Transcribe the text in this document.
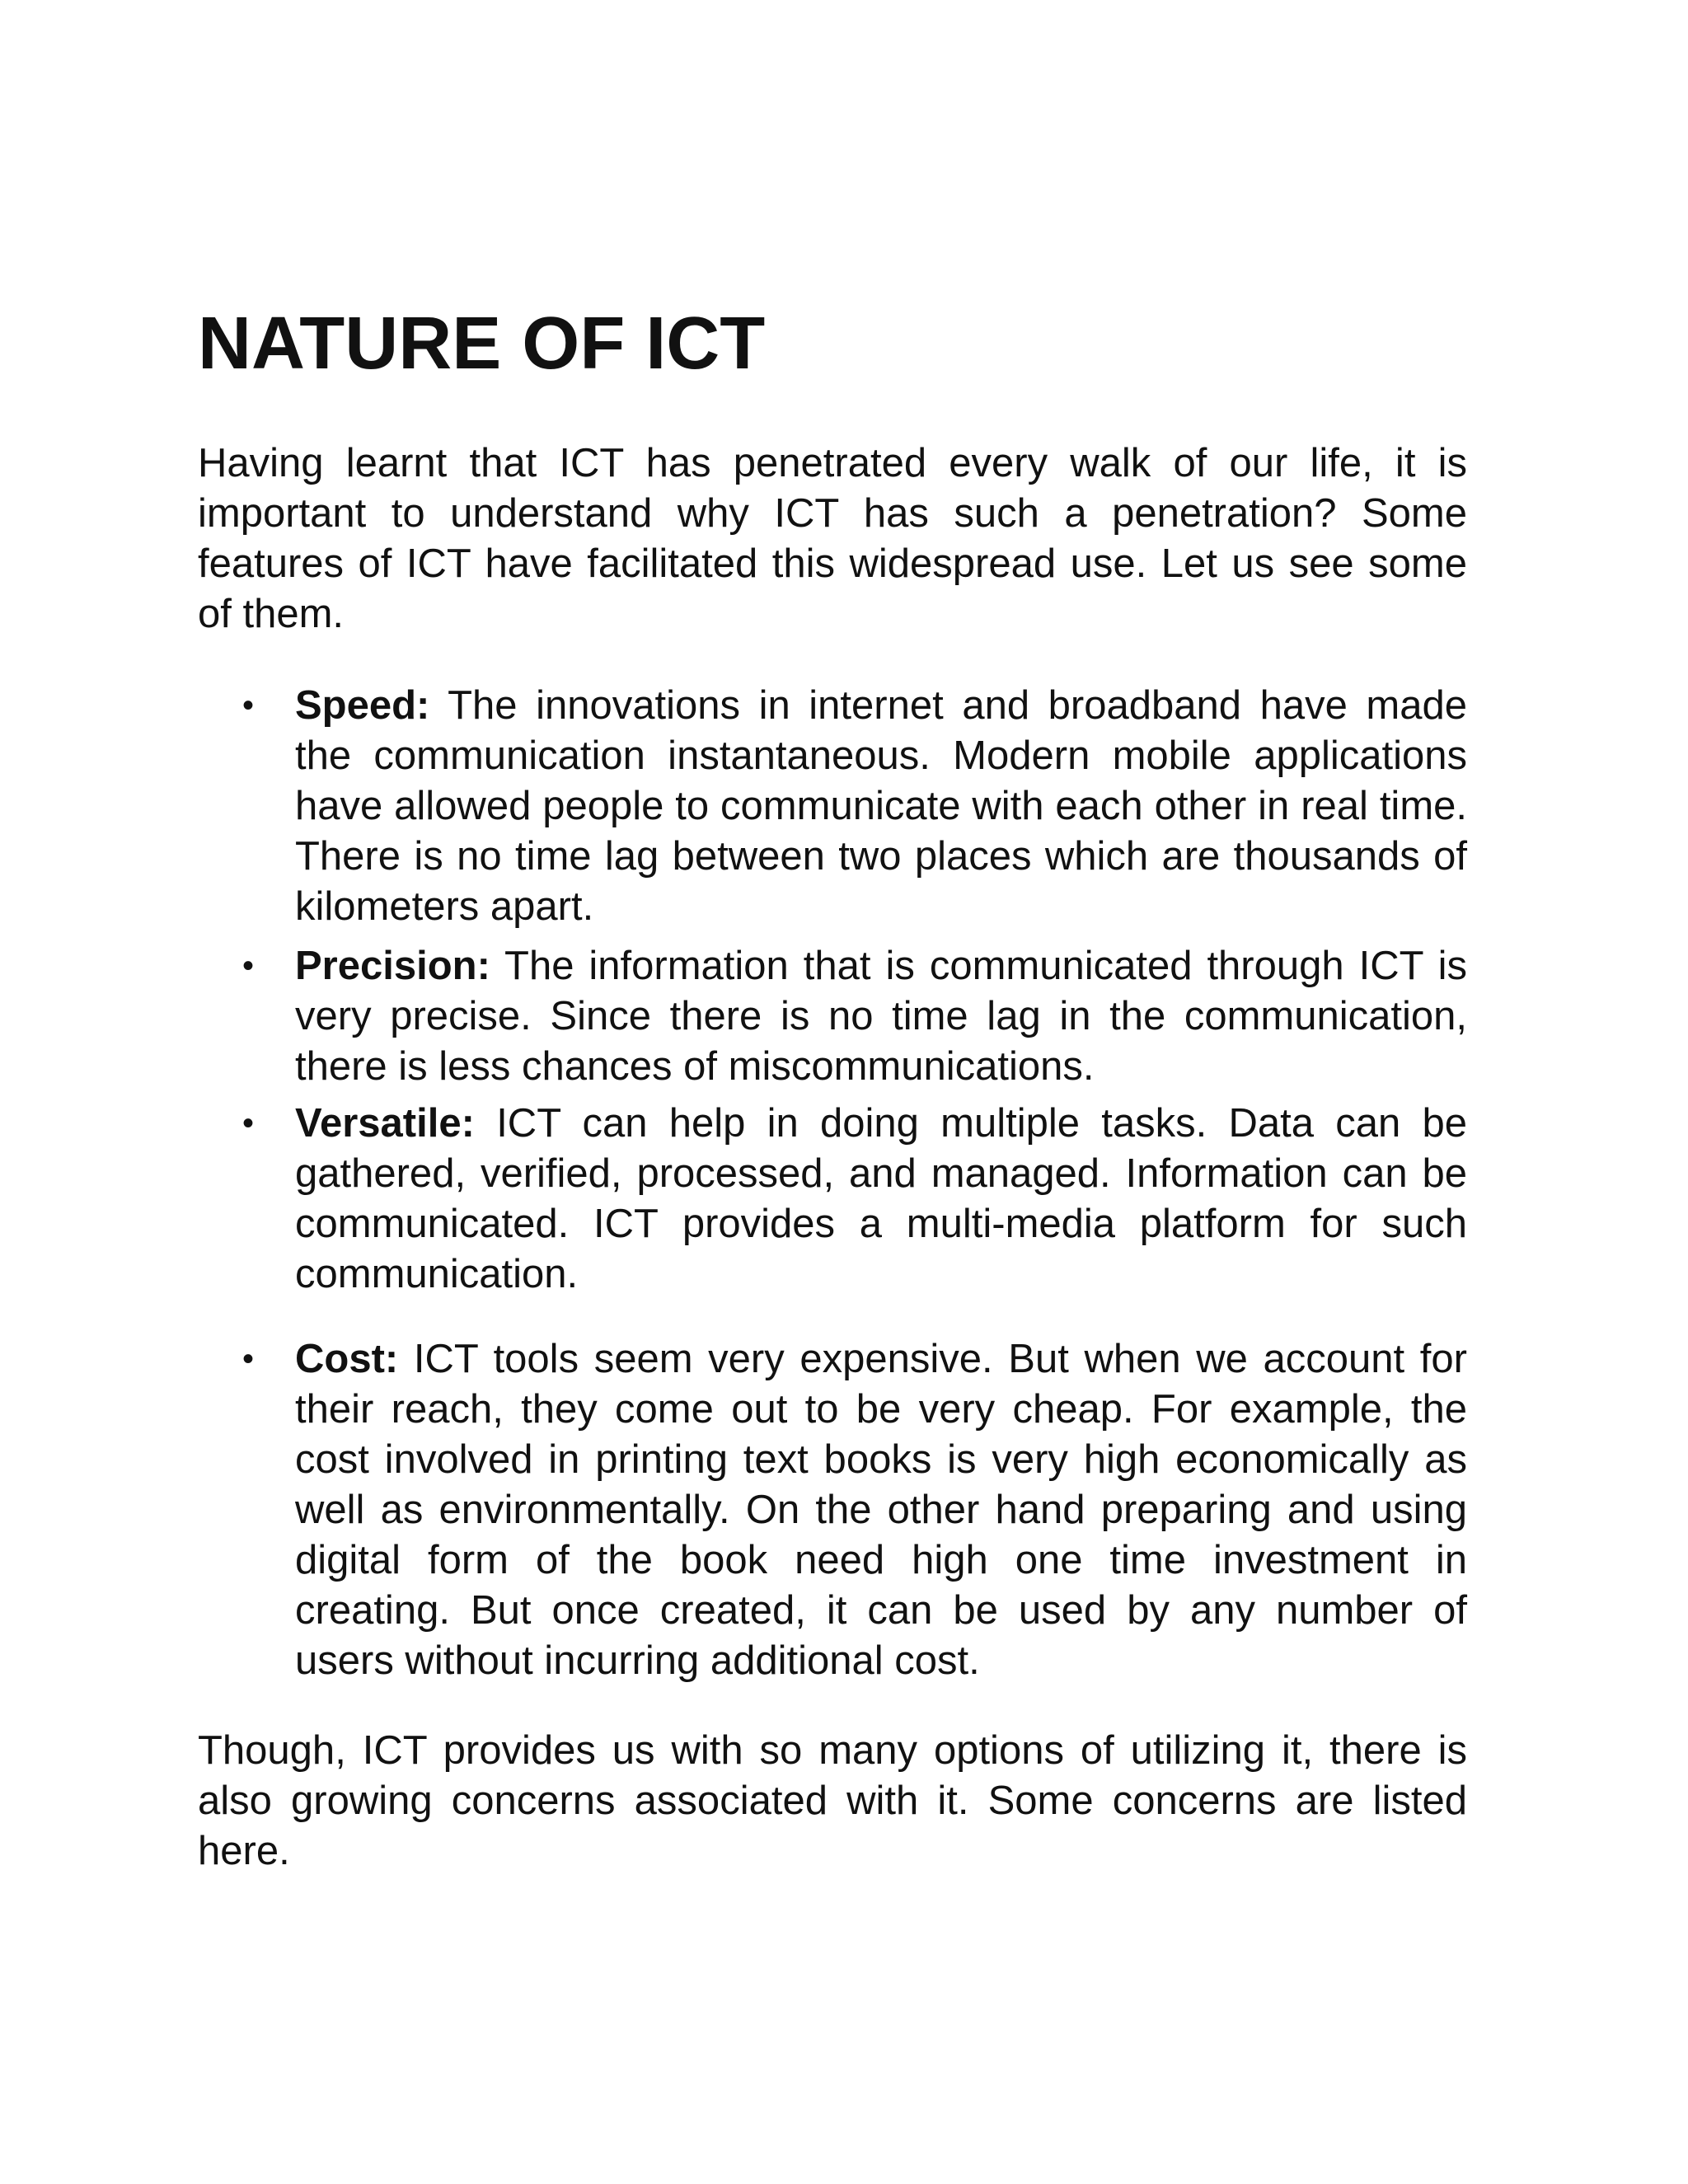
NATURE OF ICT

Having learnt that ICT has penetrated every walk of our life, it is important to understand why ICT has such a penetration? Some features of ICT have facilitated this widespread use. Let us see some of them.

• Speed: The innovations in internet and broadband have made the communication instantaneous. Modern mobile applications have allowed people to communicate with each other in real time. There is no time lag between two places which are thousands of kilometers apart.
• Precision: The information that is communicated through ICT is very precise. Since there is no time lag in the communication, there is less chances of miscommunications.
• Versatile: ICT can help in doing multiple tasks. Data can be gathered, verified, processed, and managed. Information can be communicated. ICT provides a multi-media platform for such communication.
• Cost: ICT tools seem very expensive. But when we account for their reach, they come out to be very cheap. For example, the cost involved in printing text books is very high economically as well as environmentally. On the other hand preparing and using digital form of the book need high one time investment in creating. But once created, it can be used by any number of users without incurring additional cost.

Though, ICT provides us with so many options of utilizing it, there is also growing concerns associated with it. Some concerns are listed here.
